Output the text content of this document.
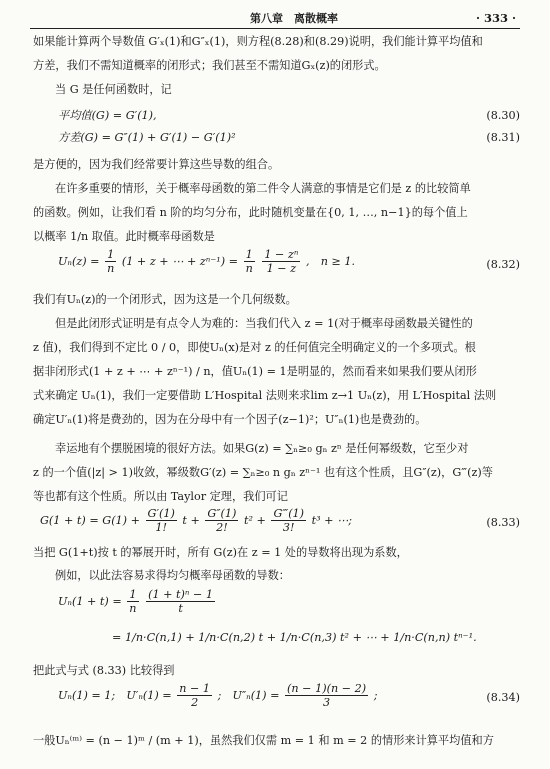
第八章　离散概率	· 333 ·
如果能计算两个导数值 G′ₓ(1)和G″ₓ(1)，则方程(8.28)和(8.29)说明，我们能计算平均值和
方差，我们不需知道概率的闭形式；我们甚至不需知道Gₓ(z)的闭形式。
当 G 是任何函数时，记
平均值(G) = G′(1),	(8.30)
方差(G) = G″(1) + G′(1) − G′(1)²	(8.31)
是方便的，因为我们经常要计算这些导数的组合。
在许多重要的情形，关于概率母函数的第二件令人满意的事情是它们是 z 的比较简单
的函数。例如，让我们看 n 阶的均匀分布，此时随机变量在{0, 1, …, n−1}的每个值上
以概率 1/n 取值。此时概率母函数是
$U_n(z) = \frac{1}{n} (1 + z$ + ⋯ + $z^{n-1}) = \frac{1}{n}$
$\frac{\text{1 − zⁿ}}{1 - z}$ ,　n ≥ 1.	(8.32)
我们有Uₙ(z)的一个闭形式，因为这是一个几何级数。
但是此闭形式证明是有点令人为难的：当我们代入 z = 1(对于概率母函数最关键性的
z 值)，我们得到不定比 0 / 0，即使Uₙ(x)是对 z 的任何值完全明确定义的一个多项式。根
据非闭形式(1 + z + ⋯ + zⁿ⁻¹) / n，值Uₙ(1) = 1是明显的，然而看来如果我们要从闭形
式来确定 Uₙ(1)，我们一定要借助 L′Hospital 法则来求lim z→1 Uₙ(z)，用 L′Hospital 法则
确定U′ₙ(1)将是费劲的，因为在分母中有一个因子(z−1)²；U″ₙ(1)也是费劲的。
幸运地有个摆脱困境的很好方法。如果G(z) = ∑ₙ≥₀ gₙ zⁿ 是任何幂级数，它至少对
z 的一个值(|z| > 1)收敛，幂级数G′(z) = ∑ₙ≥₀ n gₙ zⁿ⁻¹ 也有这个性质，且G″(z)，G‴(z)等
等也都有这个性质。所以由 Taylor 定理，我们可记
$G(1 + t) = G(1) + \frac{G'(1)}{1!}$ $t + \frac{G''(1)}{2!} t^2 + \frac{G‴(1)}{3!} t^3$ + ⋯;	(8.33)
当把 G(1+t)按 t 的幂展开时，所有 G(z)在 z = 1 处的导数将出现为系数，
例如，以此法容易求得均匀概率母函数的导数：
$U_n(1 + t) = \frac{1}{n}$
$\frac{\text{(1 + t)ⁿ − 1}}{t}$
= 1/n·C(n,1) + 1/n·C(n,2) t + 1/n·C(n,3) t² + ⋯ + 1/n·C(n,n) tⁿ⁻¹.
把此式与式 (8.33) 比较得到
Uₙ(1) = 1;　$U'_n(1) = \frac{n - 1}{2}$ ;　$U''_n(1) = \frac{(n - 1)(n - 2)}{3}$ ;	(8.34)
一般Uₙ⁽ᵐ⁾ = (n − 1)ᵐ / (m + 1)，虽然我们仅需 m = 1 和 m = 2 的情形来计算平均值和方
